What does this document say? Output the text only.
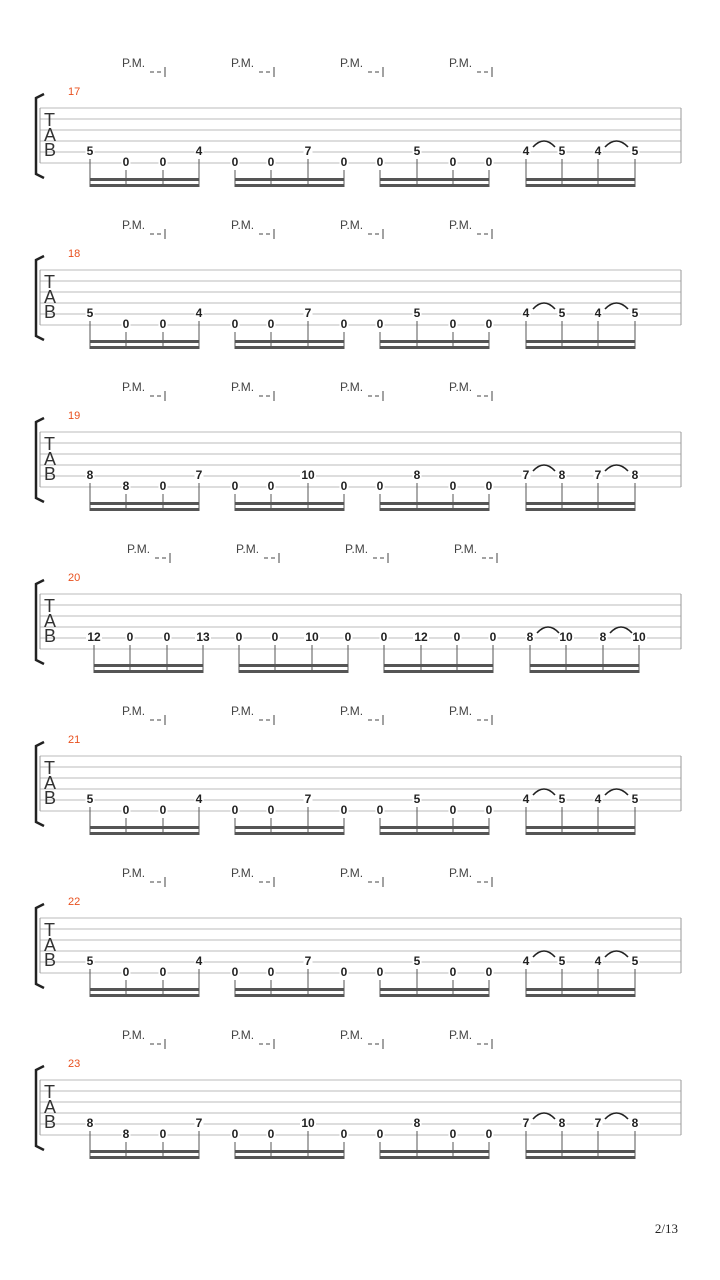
P.M.	P.M.	P.M.	P.M.
17
T
A
B	5
0	0
4
0 0
7
0 0
5
0 0
4 5 4	5
P.M.	P.M.	P.M.	P.M.
18
T
A
B	5
0	0
4
0 0
7
0 0
5
0 0
4 5 4	5
P.M.	P.M.	P.M.	P.M.
19
T
A
B	8
8	0
7
0 0
10
0 0
8
0 0
7 8 7	8
P.M.	P.M.	P.M.	P.M.
20
T
A
B	12 0	0 13 0 0 10 0 0 12 0 0	8 10 8 10
P.M.	P.M.	P.M.	P.M.
21
T
A
B	5
0	0
4
0 0
7
0 0
5
0 0
4 5 4	5
P.M.	P.M.	P.M.	P.M.
22
T
A
B	5
0	0
4
0 0
7
0 0
5
0 0
4 5 4	5
P.M.	P.M.	P.M.	P.M.
23
T
A
B	8
8	0
7
0 0
10
0 0
8
0 0
7 8 7	8
2/13
